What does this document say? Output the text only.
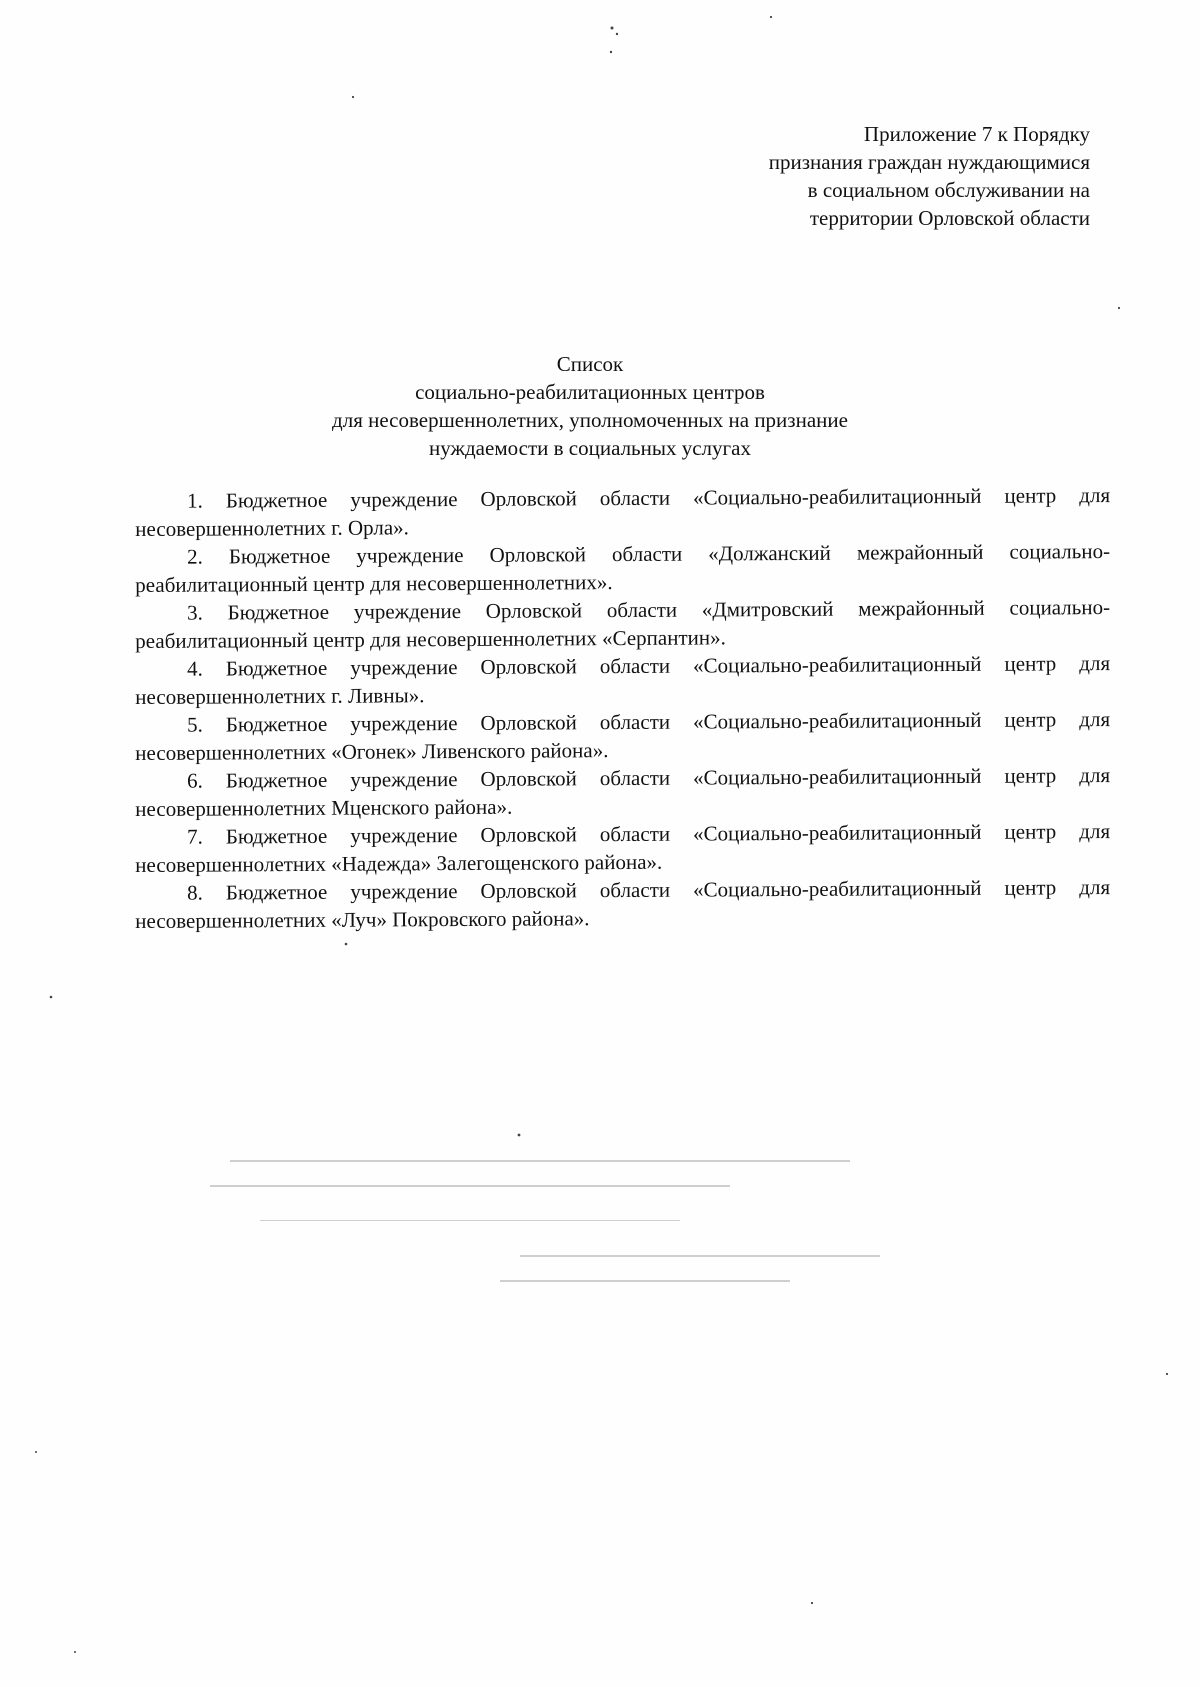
Приложение 7 к Порядку
признания граждан нуждающимися
в социальном обслуживании на
территории Орловской области
Список
социально-реабилитационных центров
для несовершеннолетних, уполномоченных на признание
нуждаемости в социальных услугах

1. Бюджетное учреждение Орловской области «Социально-реабилитационный центр для несовершеннолетних г. Орла».

2. Бюджетное учреждение Орловской области «Должанский межрайонный социально-реабилитационный центр для несовершеннолетних».

3. Бюджетное учреждение Орловской области «Дмитровский межрайонный социально-реабилитационный центр для несовершеннолетних «Серпантин».

4. Бюджетное учреждение Орловской области «Социально-реабилитационный центр для несовершеннолетних г. Ливны».

5. Бюджетное учреждение Орловской области «Социально-реабилитационный центр для несовершеннолетних «Огонек» Ливенского района».

6. Бюджетное учреждение Орловской области «Социально-реабилитационный центр для несовершеннолетних Мценского района».

7. Бюджетное учреждение Орловской области «Социально-реабилитационный центр для несовершеннолетних «Надежда» Залегощенского района».

8. Бюджетное учреждение Орловской области «Социально-реабилитационный центр для несовершеннолетних «Луч» Покровского района».
